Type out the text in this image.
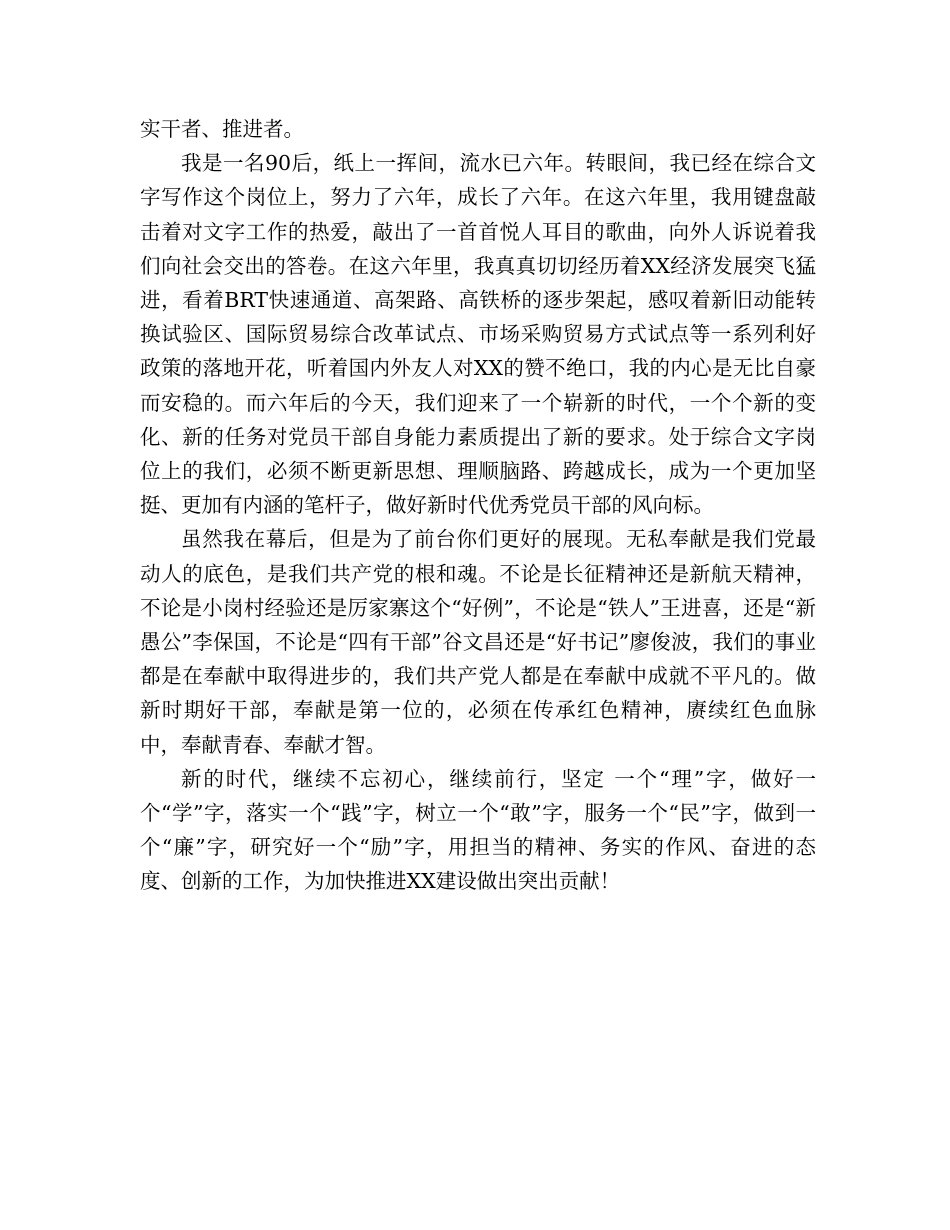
实干者、推进者。

我是一名90后，纸上一挥间，流水已六年。转眼间，我已经在综合文字写作这个岗位上，努力了六年，成长了六年。在这六年里，我用键盘敲击着对文字工作的热爱，敲出了一首首悦人耳目的歌曲，向外人诉说着我们向社会交出的答卷。在这六年里，我真真切切经历着XX经济发展突飞猛进，看着BRT快速通道、高架路、高铁桥的逐步架起，感叹着新旧动能转换试验区、国际贸易综合改革试点、市场采购贸易方式试点等一系列利好政策的落地开花，听着国内外友人对XX的赞不绝口，我的内心是无比自豪而安稳的。而六年后的今天，我们迎来了一个崭新的时代，一个个新的变化、新的任务对党员干部自身能力素质提出了新的要求。处于综合文字岗位上的我们，必须不断更新思想、理顺脑路、跨越成长，成为一个更加坚挺、更加有内涵的笔杆子，做好新时代优秀党员干部的风向标。

虽然我在幕后，但是为了前台你们更好的展现。无私奉献是我们党最动人的底色，是我们共产党的根和魂。不论是长征精神还是新航天精神，不论是小岗村经验还是厉家寨这个“好例”，不论是“铁人”王进喜，还是“新愚公”李保国，不论是“四有干部”谷文昌还是“好书记”廖俊波，我们的事业都是在奉献中取得进步的，我们共产党人都是在奉献中成就不平凡的。做新时期好干部，奉献是第一位的，必须在传承红色精神，赓续红色血脉中，奉献青春、奉献才智。

新的时代，继续不忘初心，继续前行，坚定 一个“理”字，做好一个“学”字，落实一个“践”字，树立一个“敢”字，服务一个“民”字，做到一个“廉”字，研究好一个“励”字，用担当的精神、务实的作风、奋进的态度、创新的工作，为加快推进XX建设做出突出贡献！
